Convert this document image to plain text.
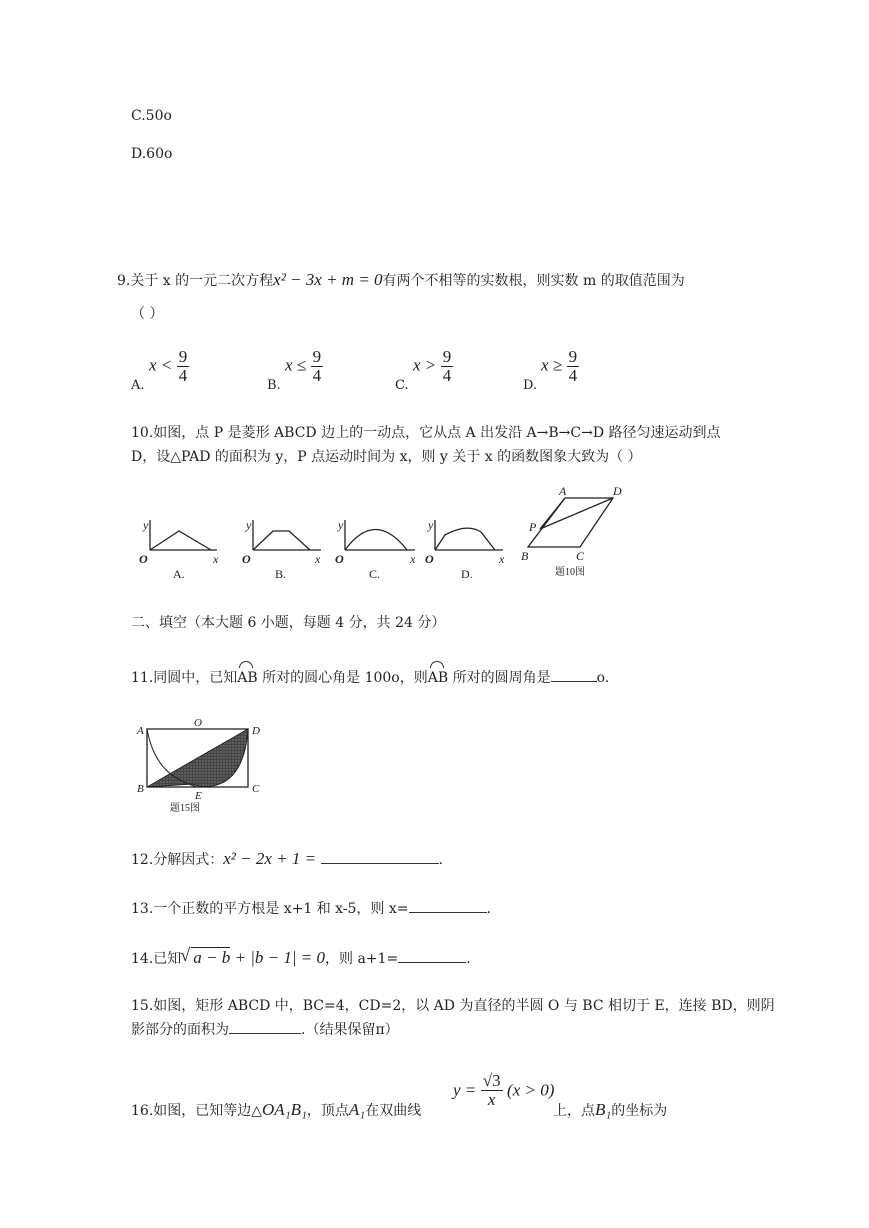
C.50o
D.60o
9.关于 x 的一元二次方程x² − 3x + m = 0有两个不相等的实数根，则实数 m 的取值范围为
（ ）
A.
$x < \frac{9}{4}$
B.
$x \le \frac{9}{4}$
C.
$x > \frac{9}{4}$
D.
$x \ge \frac{9}{4}$
10.如图，点 P 是菱形 ABCD 边上的一动点，它从点 A 出发沿 A→B→C→D 路径匀速运动到点
D，设△PAD 的面积为 y，P 点运动时间为 x，则 y 关于 x 的函数图象大致为（ ）
y
x
O
A.
y
x
O
B.
y
x
O
C.
y
x
O
D.
A	D
P
B	C
题10图
二、填空（本大题 6 小题，每题 4 分，共 24 分）
11.同圆中，已知AB 所对的圆心角是 100o，则AB 所对的圆周角是	o.
A
O
D
B
E
C
题15图
12.分解因式：x² − 2x + 1 =	.
13.一个正数的平方根是 x+1 和 x-5，则 x=	.
14.已知 √ a − b + |b − 1| = 0，则 a+1=	.
15.如图，矩形 ABCD 中，BC=4，CD=2，以 AD 为直径的半圆 O 与 BC 相切于 E，连接 BD，则阴
影部分的面积为	.（结果保留π）
16.如图，已知等边△OA₁B₁，顶点A₁在双曲线
$y = \frac{√3}{x} (x > 0)$
上，点B₁的坐标为
